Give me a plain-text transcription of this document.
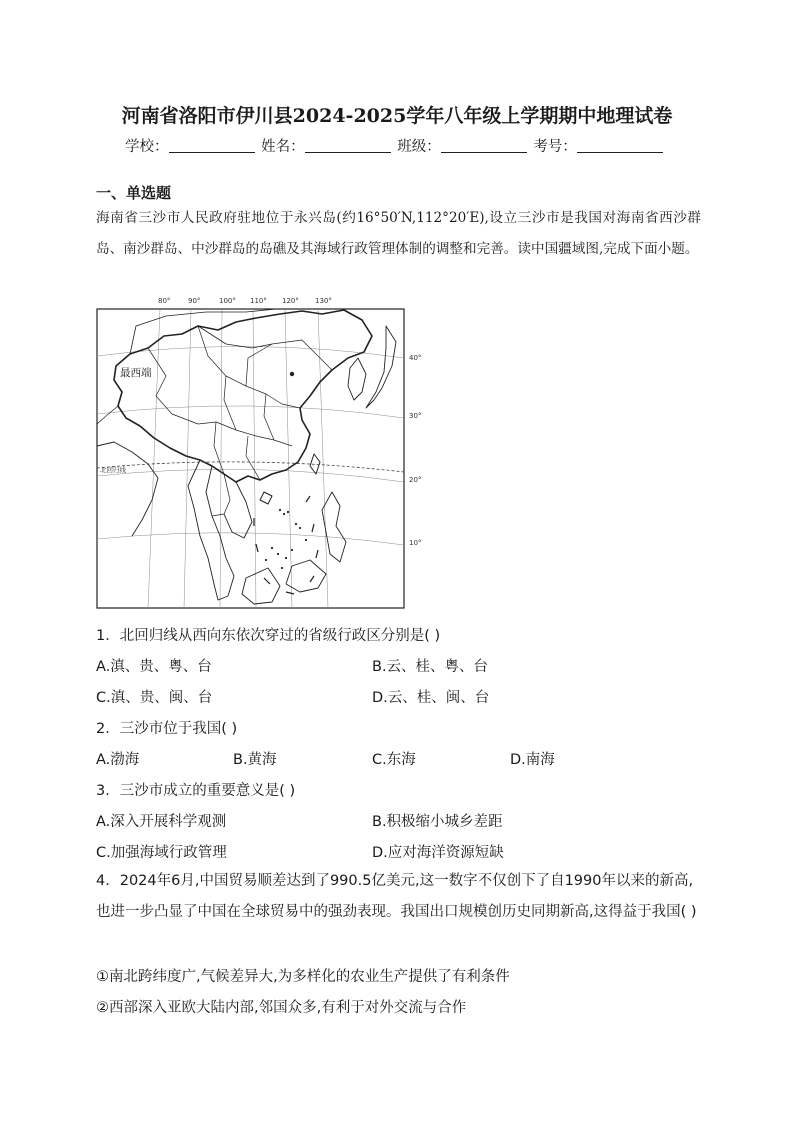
河南省洛阳市伊川县2024-2025学年八年级上学期期中地理试卷
学校：	姓名：	班级：	考号：
一、单选题
海南省三沙市人民政府驻地位于永兴岛(约16°50′N,112°20′E),设立三沙市是我国对海南省西沙群岛、南沙群岛、中沙群岛的岛礁及其海域行政管理体制的调整和完善。读中国疆域图,完成下面小题。
80°	90°	100° 110° 120° 130°
40°
30°
20°
10°
最西端
北回归线
1．北回归线从西向东依次穿过的省级行政区分别是( )
A.滇、贵、粤、台	B.云、桂、粤、台
C.滇、贵、闽、台	D.云、桂、闽、台
2．三沙市位于我国( )
A.渤海	B.黄海	C.东海	D.南海
3．三沙市成立的重要意义是( )
A.深入开展科学观测	B.积极缩小城乡差距
C.加强海域行政管理	D.应对海洋资源短缺
4．2024年6月,中国贸易顺差达到了990.5亿美元,这一数字不仅创下了自1990年以来的新高,也进一步凸显了中国在全球贸易中的强劲表现。我国出口规模创历史同期新高,这得益于我国( )
①南北跨纬度广,气候差异大,为多样化的农业生产提供了有利条件
②西部深入亚欧大陆内部,邻国众多,有利于对外交流与合作
